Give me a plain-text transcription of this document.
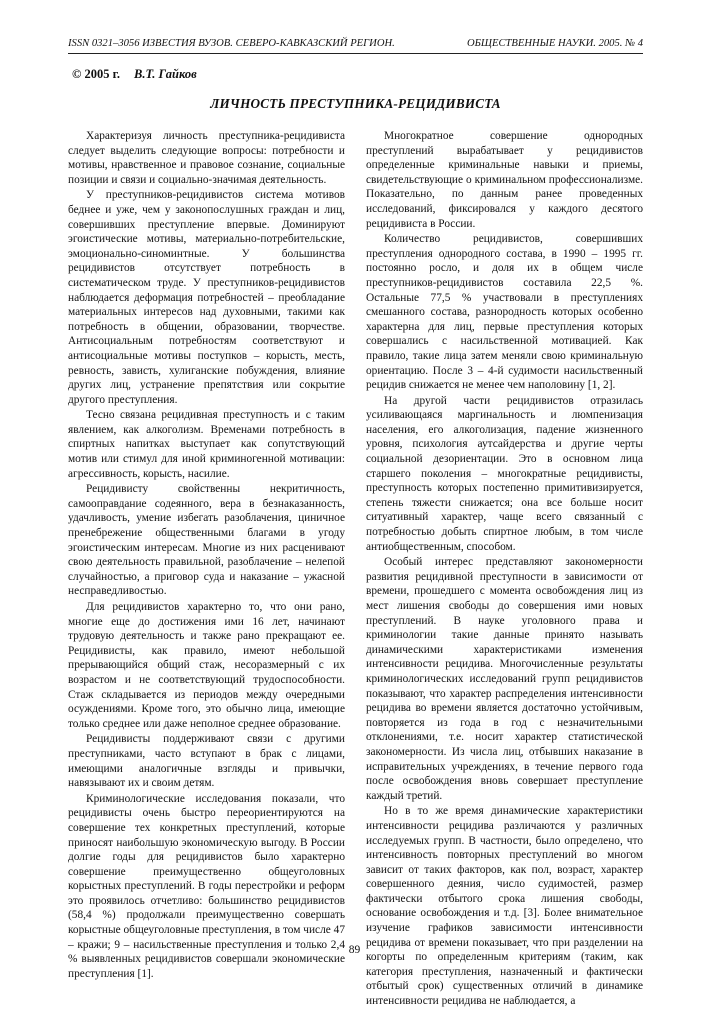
ISSN 0321–3056 ИЗВЕСТИЯ ВУЗОВ. СЕВЕРО-КАВКАЗСКИЙ РЕГИОН.	ОБЩЕСТВЕННЫЕ НАУКИ. 2005. № 4
© 2005 г. В.Т. Гайков
ЛИЧНОСТЬ ПРЕСТУПНИКА-РЕЦИДИВИСТА

Характеризуя личность преступника-рецидивиста следует выделить следующие вопросы: потребности и мотивы, нравственное и правовое сознание, социальные позиции и связи и социально-значимая деятельность.

У преступников-рецидивистов система мотивов беднее и уже, чем у законопослушных граждан и лиц, совершивших преступление впервые. Доминируют эгоистические мотивы, материально-потребительские, эмоционально-синоминтные. У большинства рецидивистов отсутствует потребность в систематическом труде. У преступников-рецидивистов наблюдается деформация потребностей – преобладание материальных интересов над духовными, такими как потребность в общении, образовании, творчестве. Антисоциальным потребностям соответствуют и антисоциальные мотивы поступков – корысть, месть, ревность, зависть, хулиганские побуждения, влияние других лиц, устранение препятствия или сокрытие другого преступления.

Тесно связана рецидивная преступность и с таким явлением, как алкоголизм. Временами потребность в спиртных напитках выступает как сопутствующий мотив или стимул для иной криминогенной мотивации: агрессивность, корысть, насилие.

Рецидивисту свойственны некритичность, самооправдание содеянного, вера в безнаказанность, удачливость, умение избегать разоблачения, циничное пренебрежение общественными благами в угоду эгоистическим интересам. Многие из них расценивают свою деятельность правильной, разоблачение – нелепой случайностью, а приговор суда и наказание – ужасной несправедливостью.

Для рецидивистов характерно то, что они рано, многие еще до достижения ими 16 лет, начинают трудовую деятельность и также рано прекращают ее. Рецидивисты, как правило, имеют небольшой прерывающийся общий стаж, несоразмерный с их возрастом и не соответствующий трудоспособности. Стаж складывается из периодов между очередными осуждениями. Кроме того, это обычно лица, имеющие только среднее или даже неполное среднее образование.

Рецидивисты поддерживают связи с другими преступниками, часто вступают в брак с лицами, имеющими аналогичные взгляды и привычки, навязывают их и своим детям.

Криминологические исследования показали, что рецидивисты очень быстро переориентируются на совершение тех конкретных преступлений, которые приносят наибольшую экономическую выгоду. В России долгие годы для рецидивистов было характерно совершение преимущественно общеуголовных корыстных преступлений. В годы перестройки и реформ это проявилось отчетливо: большинство рецидивистов (58,4 %) продолжали преимущественно совершать корыстные общеуголовные преступления, в том числе 47 – кражи; 9 – насильственные преступления и только 2,4 % выявленных рецидивистов совершали экономические преступления [1].

Многократное совершение однородных преступлений вырабатывает у рецидивистов определенные криминальные навыки и приемы, свидетельствующие о криминальном профессионализме. Показательно, по данным ранее проведенных исследований, фиксировался у каждого десятого рецидивиста в России.

Количество рецидивистов, совершивших преступления однородного состава, в 1990 – 1995 гг. постоянно росло, и доля их в общем числе преступников-рецидивистов составила 22,5 %. Остальные 77,5 % участвовали в преступлениях смешанного состава, разнородность которых особенно характерна для лиц, первые преступления которых совершались с насильственной мотивацией. Как правило, такие лица затем меняли свою криминальную ориентацию. После 3 – 4-й судимости насильственный рецидив снижается не менее чем наполовину [1, 2].

На другой части рецидивистов отразилась усиливающаяся маргинальность и люмпенизация населения, его алкоголизация, падение жизненного уровня, психология аутсайдерства и другие черты социальной дезориентации. Это в основном лица старшего поколения – многократные рецидивисты, преступность которых постепенно примитивизируется, степень тяжести снижается; она все больше носит ситуативный характер, чаще всего связанный с потребностью добыть спиртное любым, в том числе антиобщественным, способом.

Особый интерес представляют закономерности развития рецидивной преступности в зависимости от времени, прошедшего с момента освобождения лиц из мест лишения свободы до совершения ими новых преступлений. В науке уголовного права и криминологии такие данные принято называть динамическими характеристиками изменения интенсивности рецидива. Многочисленные результаты криминологических исследований групп рецидивистов показывают, что характер распределения интенсивности рецидива во времени является достаточно устойчивым, повторяется из года в год с незначительными отклонениями, т.е. носит характер статистической закономерности. Из числа лиц, отбывших наказание в исправительных учреждениях, в течение первого года после освобождения вновь совершает преступление каждый третий.

Но в то же время динамические характеристики интенсивности рецидива различаются у различных исследуемых групп. В частности, было определено, что интенсивность повторных преступлений во многом зависит от таких факторов, как пол, возраст, характер совершенного деяния, число судимостей, размер фактически отбытого срока лишения свободы, основание освобождения и т.д. [3]. Более внимательное изучение графиков зависимости интенсивности рецидива от времени показывает, что при разделении на когорты по определенным критериям (таким, как категория преступления, назначенный и фактически отбытый срок) существенных отличий в динамике интенсивности рецидива не наблюдается, а

89
